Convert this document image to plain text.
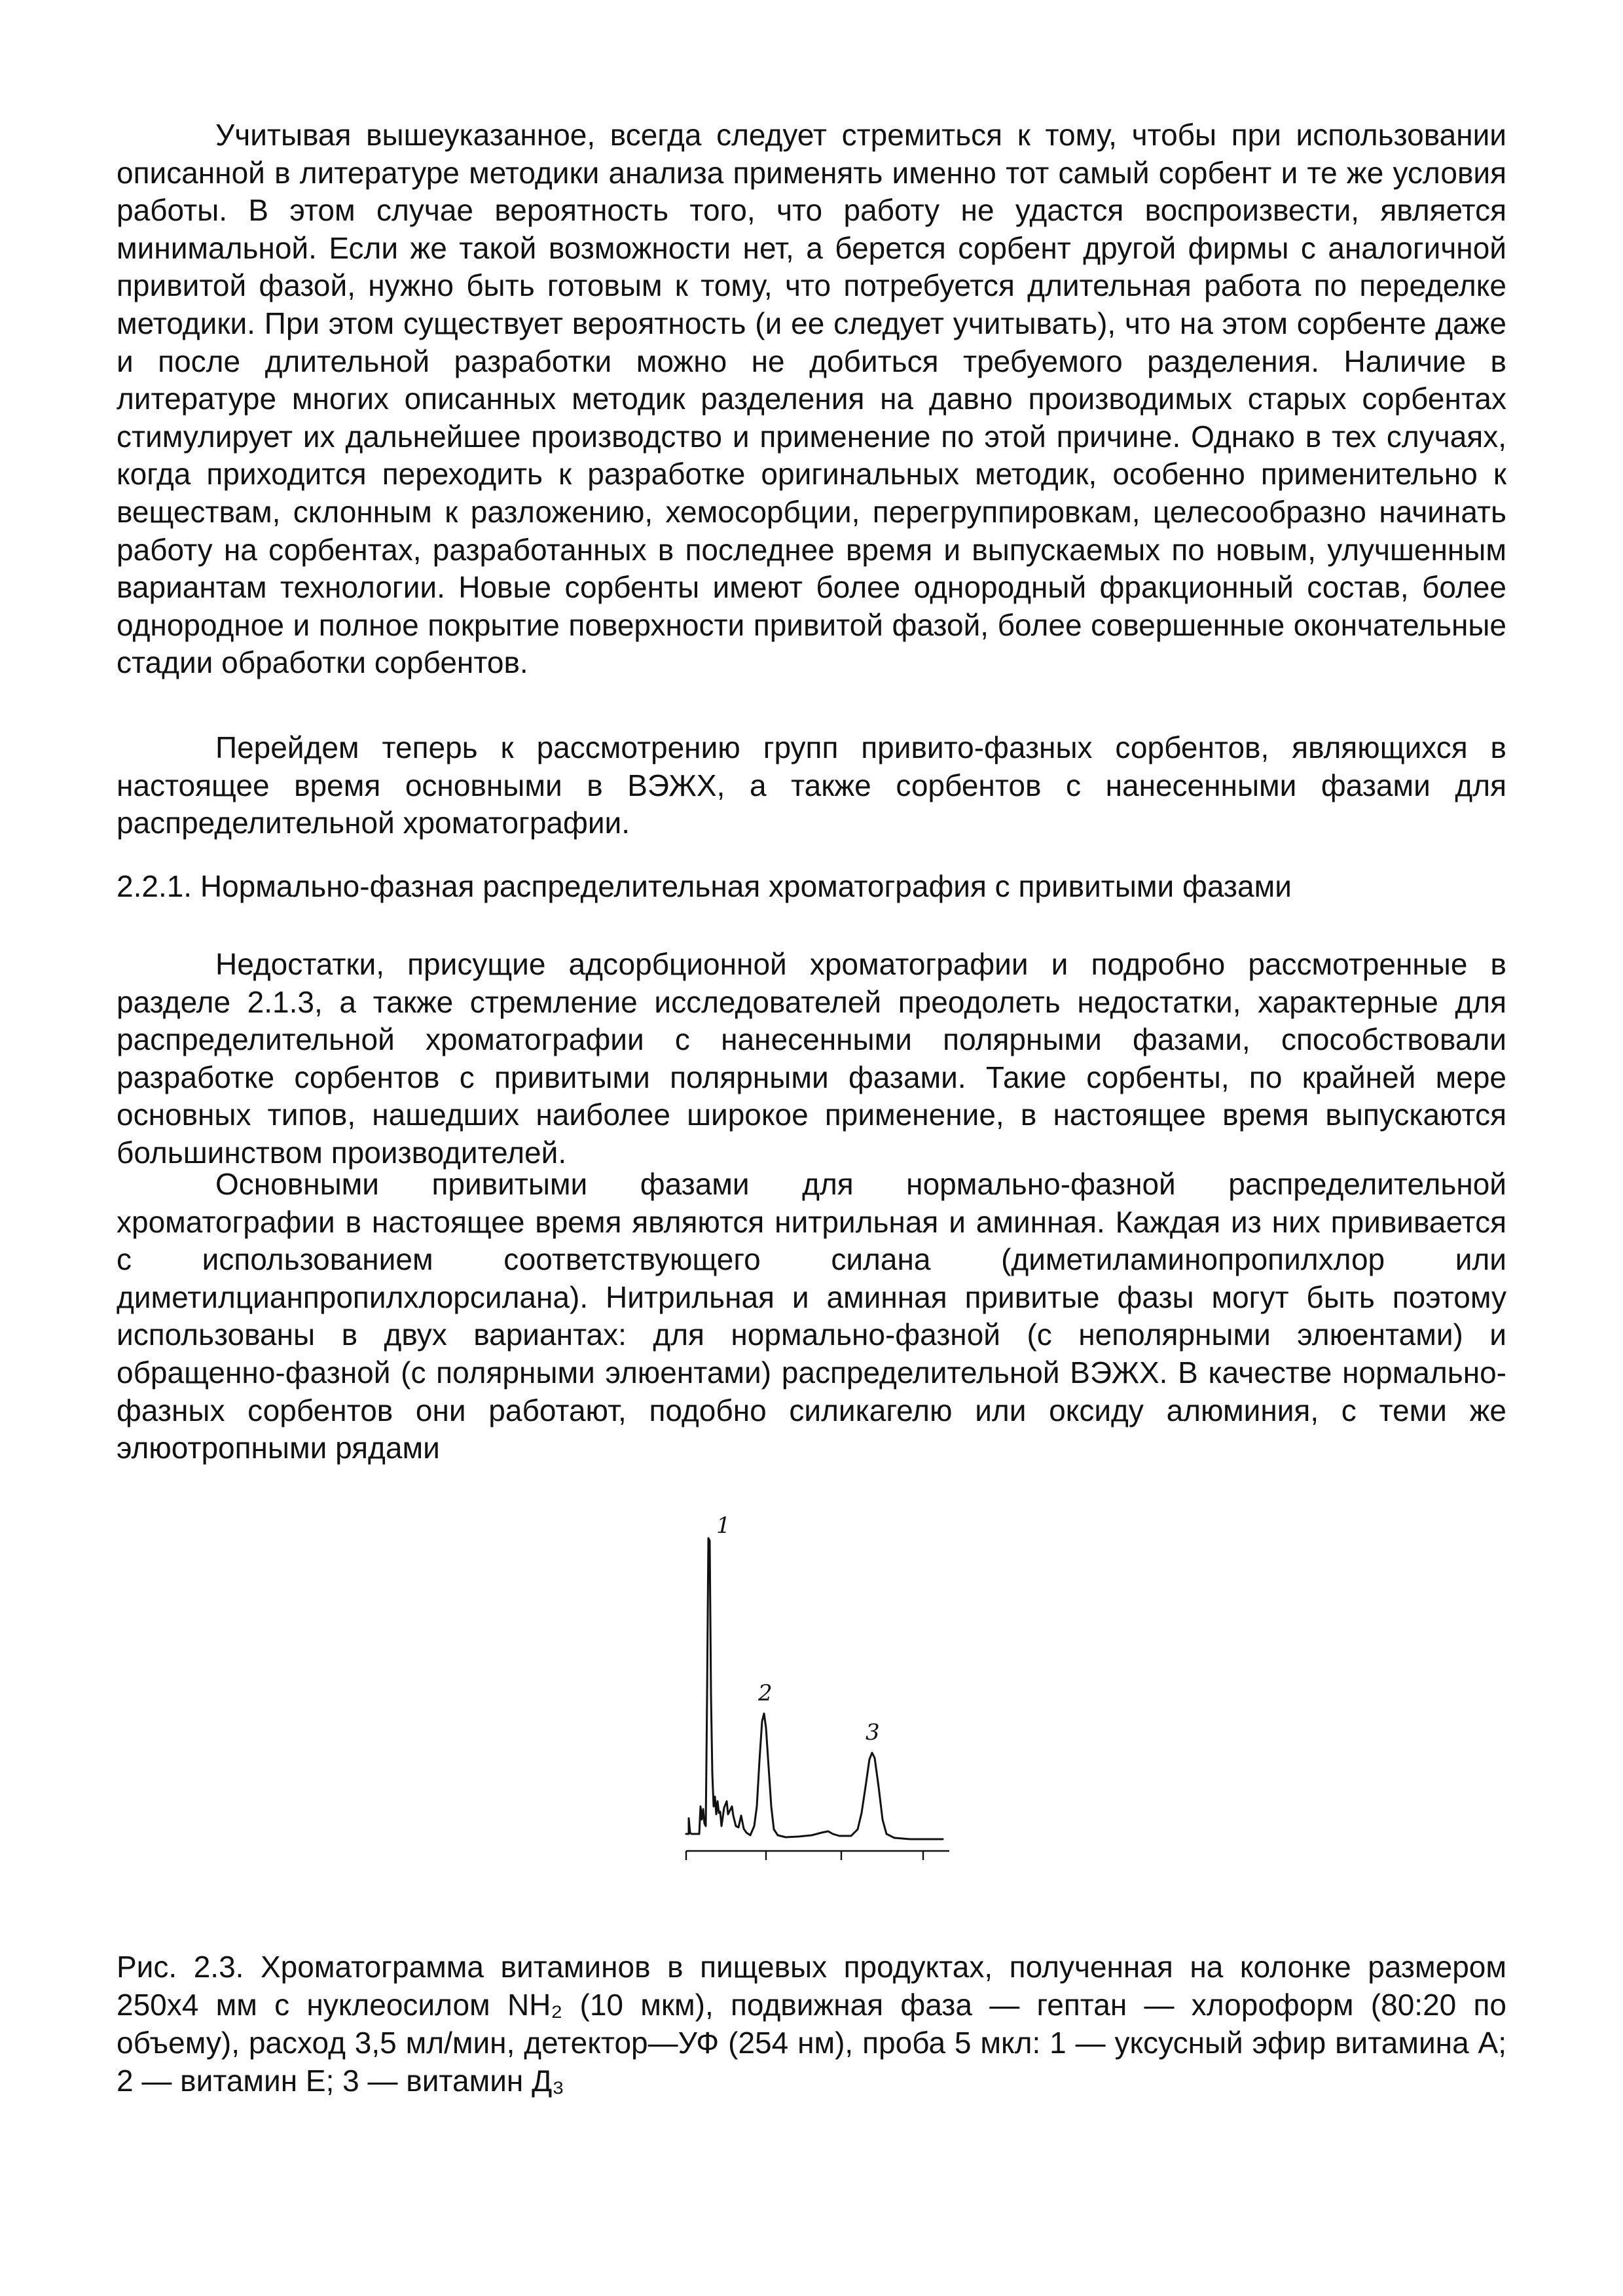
Учитывая вышеуказанное, всегда следует стремиться к тому, чтобы при использовании описанной в литературе методики анализа применять именно тот самый сорбент и те же условия работы. В этом случае вероятность того, что работу не удастся воспроизвести, является минимальной. Если же такой возможности нет, а берется сорбент другой фирмы с аналогичной привитой фазой, нужно быть готовым к тому, что потребуется длительная работа по переделке методики. При этом существует вероятность (и ее следует учитывать), что на этом сорбенте даже и после длительной разработки можно не добиться требуемого разделения. Наличие в литературе многих описанных методик разделения на давно производимых старых сорбентах стимулирует их дальнейшее производство и применение по этой причине. Однако в тех случаях, когда приходится переходить к разработке оригинальных методик, особенно применительно к веществам, склонным к разложению, хемосорбции, перегруппировкам, целесообразно начинать работу на сорбентах, разработанных в последнее время и выпускаемых по новым, улучшенным вариантам технологии. Новые сорбенты имеют более однородный фракционный состав, более однородное и полное покрытие поверхности привитой фазой, более совершенные окончательные стадии обработки сорбентов.

Перейдем теперь к рассмотрению групп привито-фазных сорбентов, являющихся в настоящее время основными в ВЭЖХ, а также сорбентов с нанесенными фазами для распределительной хроматографии.

2.2.1. Нормально-фазная распределительная хроматография с привитыми фазами

Недостатки, присущие адсорбционной хроматографии и подробно рассмотренные в разделе 2.1.3, а также стремление исследователей преодолеть недостатки, характерные для распределительной хроматографии с нанесенными полярными фазами, способствовали разработке сорбентов с привитыми полярными фазами. Такие сорбенты, по крайней мере основных типов, нашедших наиболее широкое применение, в настоящее время выпускаются большинством производителей.

Основными привитыми фазами для нормально-фазной распределительной хроматографии в настоящее время являются нитрильная и аминная. Каждая из них прививается с использованием соответствующего силана (диметиламинопропилхлор или диметилцианпропилхлорсилана). Нитрильная и аминная привитые фазы могут быть поэтому использованы в двух вариантах: для нормально-фазной (с неполярными элюентами) и обращенно-фазной (с полярными элюентами) распределительной ВЭЖХ. В качестве нормально-фазных сорбентов они работают, подобно силикагелю или оксиду алюминия, с теми же элюотропными рядами

1
2
3

Рис. 2.3. Хроматограмма витаминов в пищевых продуктах, полученная на колонке размером 250x4 мм с нуклеосилом NH₂ (10 мкм), подвижная фаза — гептан — хлороформ (80:20 по объему), расход 3,5 мл/мин, детектор—УФ (254 нм), проба 5 мкл: 1 — уксусный эфир витамина А; 2 — витамин Е; 3 — витамин Д₃
